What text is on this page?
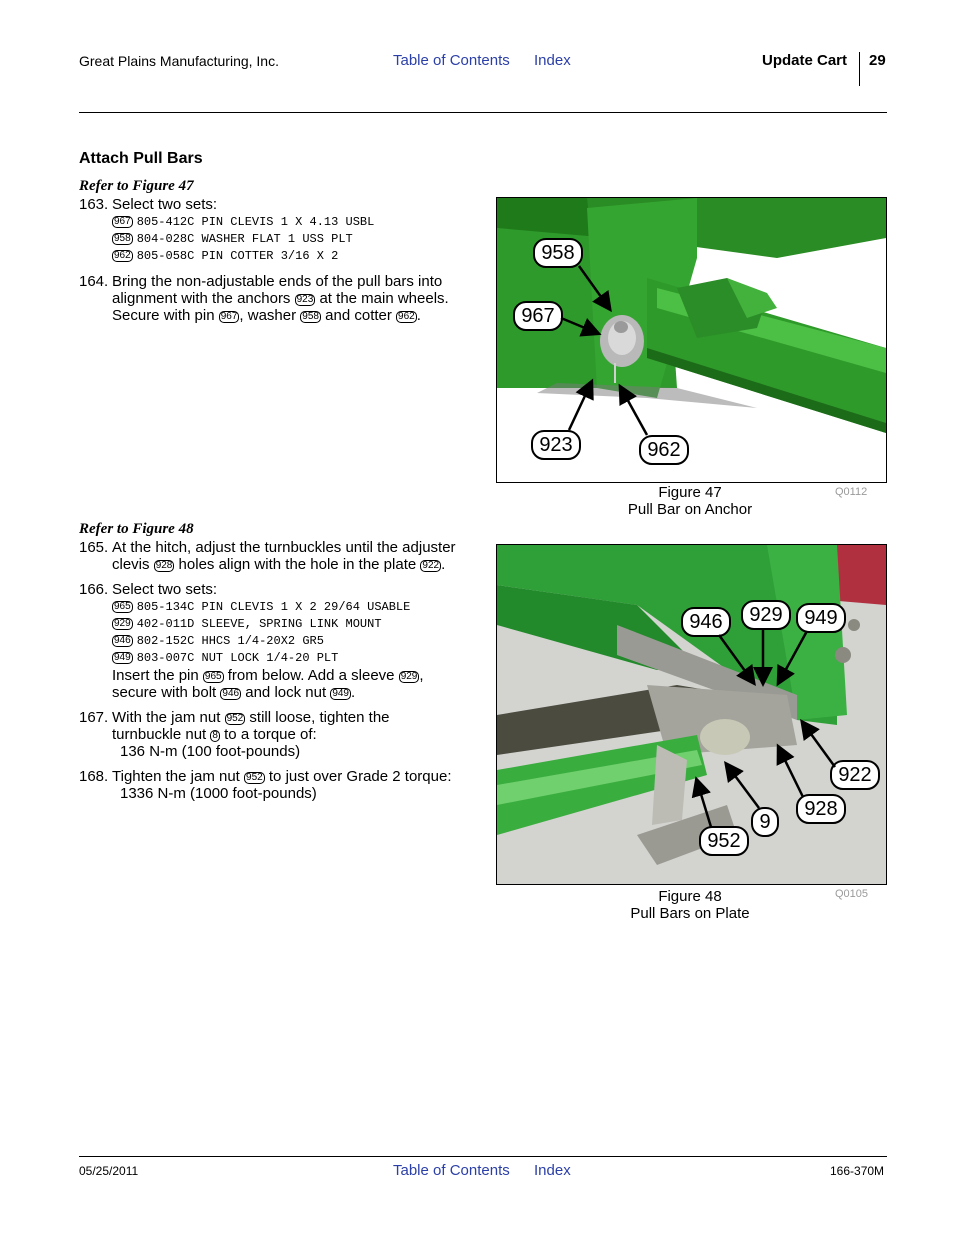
Great Plains Manufacturing, Inc.	Table of Contents Index	Update Cart 29
Attach Pull Bars
Refer to Figure 47
163. Select two sets:
967 805-412C PIN CLEVIS 1 X 4.13 USBL
958 804-028C WASHER FLAT 1 USS PLT
962 805-058C PIN COTTER 3/16 X 2
164. Bring the non-adjustable ends of the pull bars into
alignment with the anchors 923 at the main wheels.
Secure with pin 967 , washer 958 and cotter 962 .
Refer to Figure 48
165. At the hitch, adjust the turnbuckles until the adjuster
clevis 928 holes align with the hole in the plate 922 .
166. Select two sets:
965 805-134C PIN CLEVIS 1 X 2 29/64 USABLE
929 402-011D SLEEVE, SPRING LINK MOUNT
946 802-152C HHCS 1/4-20X2 GR5
949 803-007C NUT LOCK 1/4-20 PLT
Insert the pin 965 from below. Add a sleeve 929 ,
secure with bolt 946 and lock nut 949 .
167. With the jam nut 952 still loose, tighten the
turnbuckle nut 8 to a torque of:
136 N-m (100 foot-pounds)
168. Tighten the jam nut 952 to just over Grade 2 torque:
1336 N-m (1000 foot-pounds)
958
967
923	962
Figure 47
Pull Bar on Anchor
Q0112
946	929	949
922
928
9
952
Figure 48
Pull Bars on Plate
Q0105
05/25/2011	Table of Contents Index	166-370M
